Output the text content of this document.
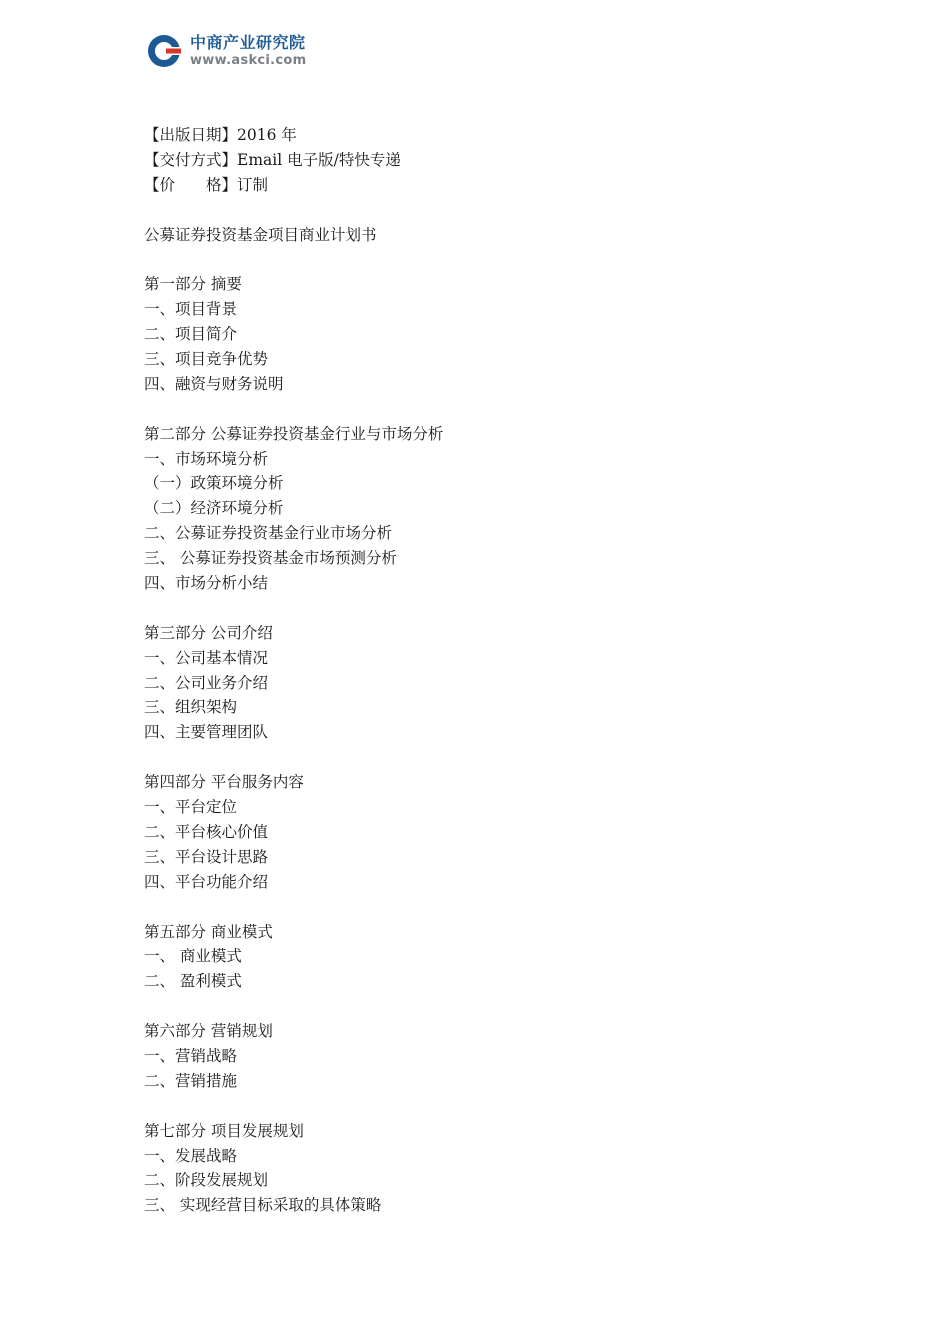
中商产业研究院
www.askci.com
【出版日期】2016 年
【交付方式】Email 电子版/特快专递
【价　　格】订制
公募证券投资基金项目商业计划书
第一部分 摘要
一、项目背景
二、项目简介
三、项目竞争优势
四、融资与财务说明
第二部分 公募证券投资基金行业与市场分析
一、市场环境分析
（一）政策环境分析
（二）经济环境分析
二、公募证券投资基金行业市场分析
三、 公募证券投资基金市场预测分析
四、市场分析小结
第三部分 公司介绍
一、公司基本情况
二、公司业务介绍
三、组织架构
四、主要管理团队
第四部分 平台服务内容
一、平台定位
二、平台核心价值
三、平台设计思路
四、平台功能介绍
第五部分 商业模式
一、 商业模式
二、 盈利模式
第六部分 营销规划
一、营销战略
二、营销措施
第七部分 项目发展规划
一、发展战略
二、阶段发展规划
三、 实现经营目标采取的具体策略
